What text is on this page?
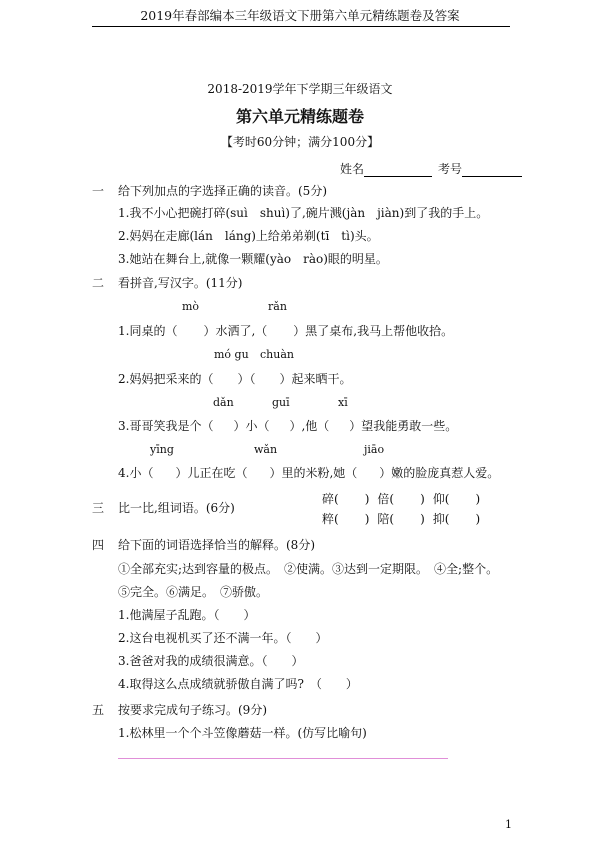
2019年春部编本三年级语文下册第六单元精练题卷及答案
2018-2019学年下学期三年级语文
第六单元精练题卷
【考时60分钟；满分100分】
姓名	考号
一 给下列加点的字选择正确的读音。(5分)
1.我不小心把碗打碎(suì　shuì)了,碗片溅(jàn　jiàn)到了我的手上。
2.妈妈在走廊(lán　láng)上给弟弟剃(tī　tì)头。
3.她站在舞台上,就像一颗耀(yào　rào)眼的明星。
二 看拼音,写汉字。(11分)
mò	rǎn
1.同桌的（ ）水洒了,（ ）黑了桌布,我马上帮他收拾。
mó gu chuàn
2.妈妈把采来的（ ）（ ）起来晒干。
dǎn	guī	xī
3.哥哥笑我是个（ ）小（ ）,他（ ）望我能勇敢一些。
yīng	wǎn	jiāo
4.小（ ）儿正在吃（ ）里的米粉,她（ ）嫩的脸庞真惹人爱。
三 比一比,组词语。(6分)
碎( ) 倍( ) 仰( )
粹( ) 陪( ) 抑( )
四 给下面的词语选择恰当的解释。(8分)
①全部充实;达到容量的极点。　②使满。③达到一定期限。　④全;整个。
⑤完全。⑥满足。　⑦骄傲。
1.他满屋子乱跑。（　　）
2.这台电视机买了还不满一年。（　　）
3.爸爸对我的成绩很满意。（　　）
4.取得这么点成绩就骄傲自满了吗?　（　　）
五 按要求完成句子练习。(9分)
1.松林里一个个斗笠像蘑菇一样。(仿写比喻句)
1
